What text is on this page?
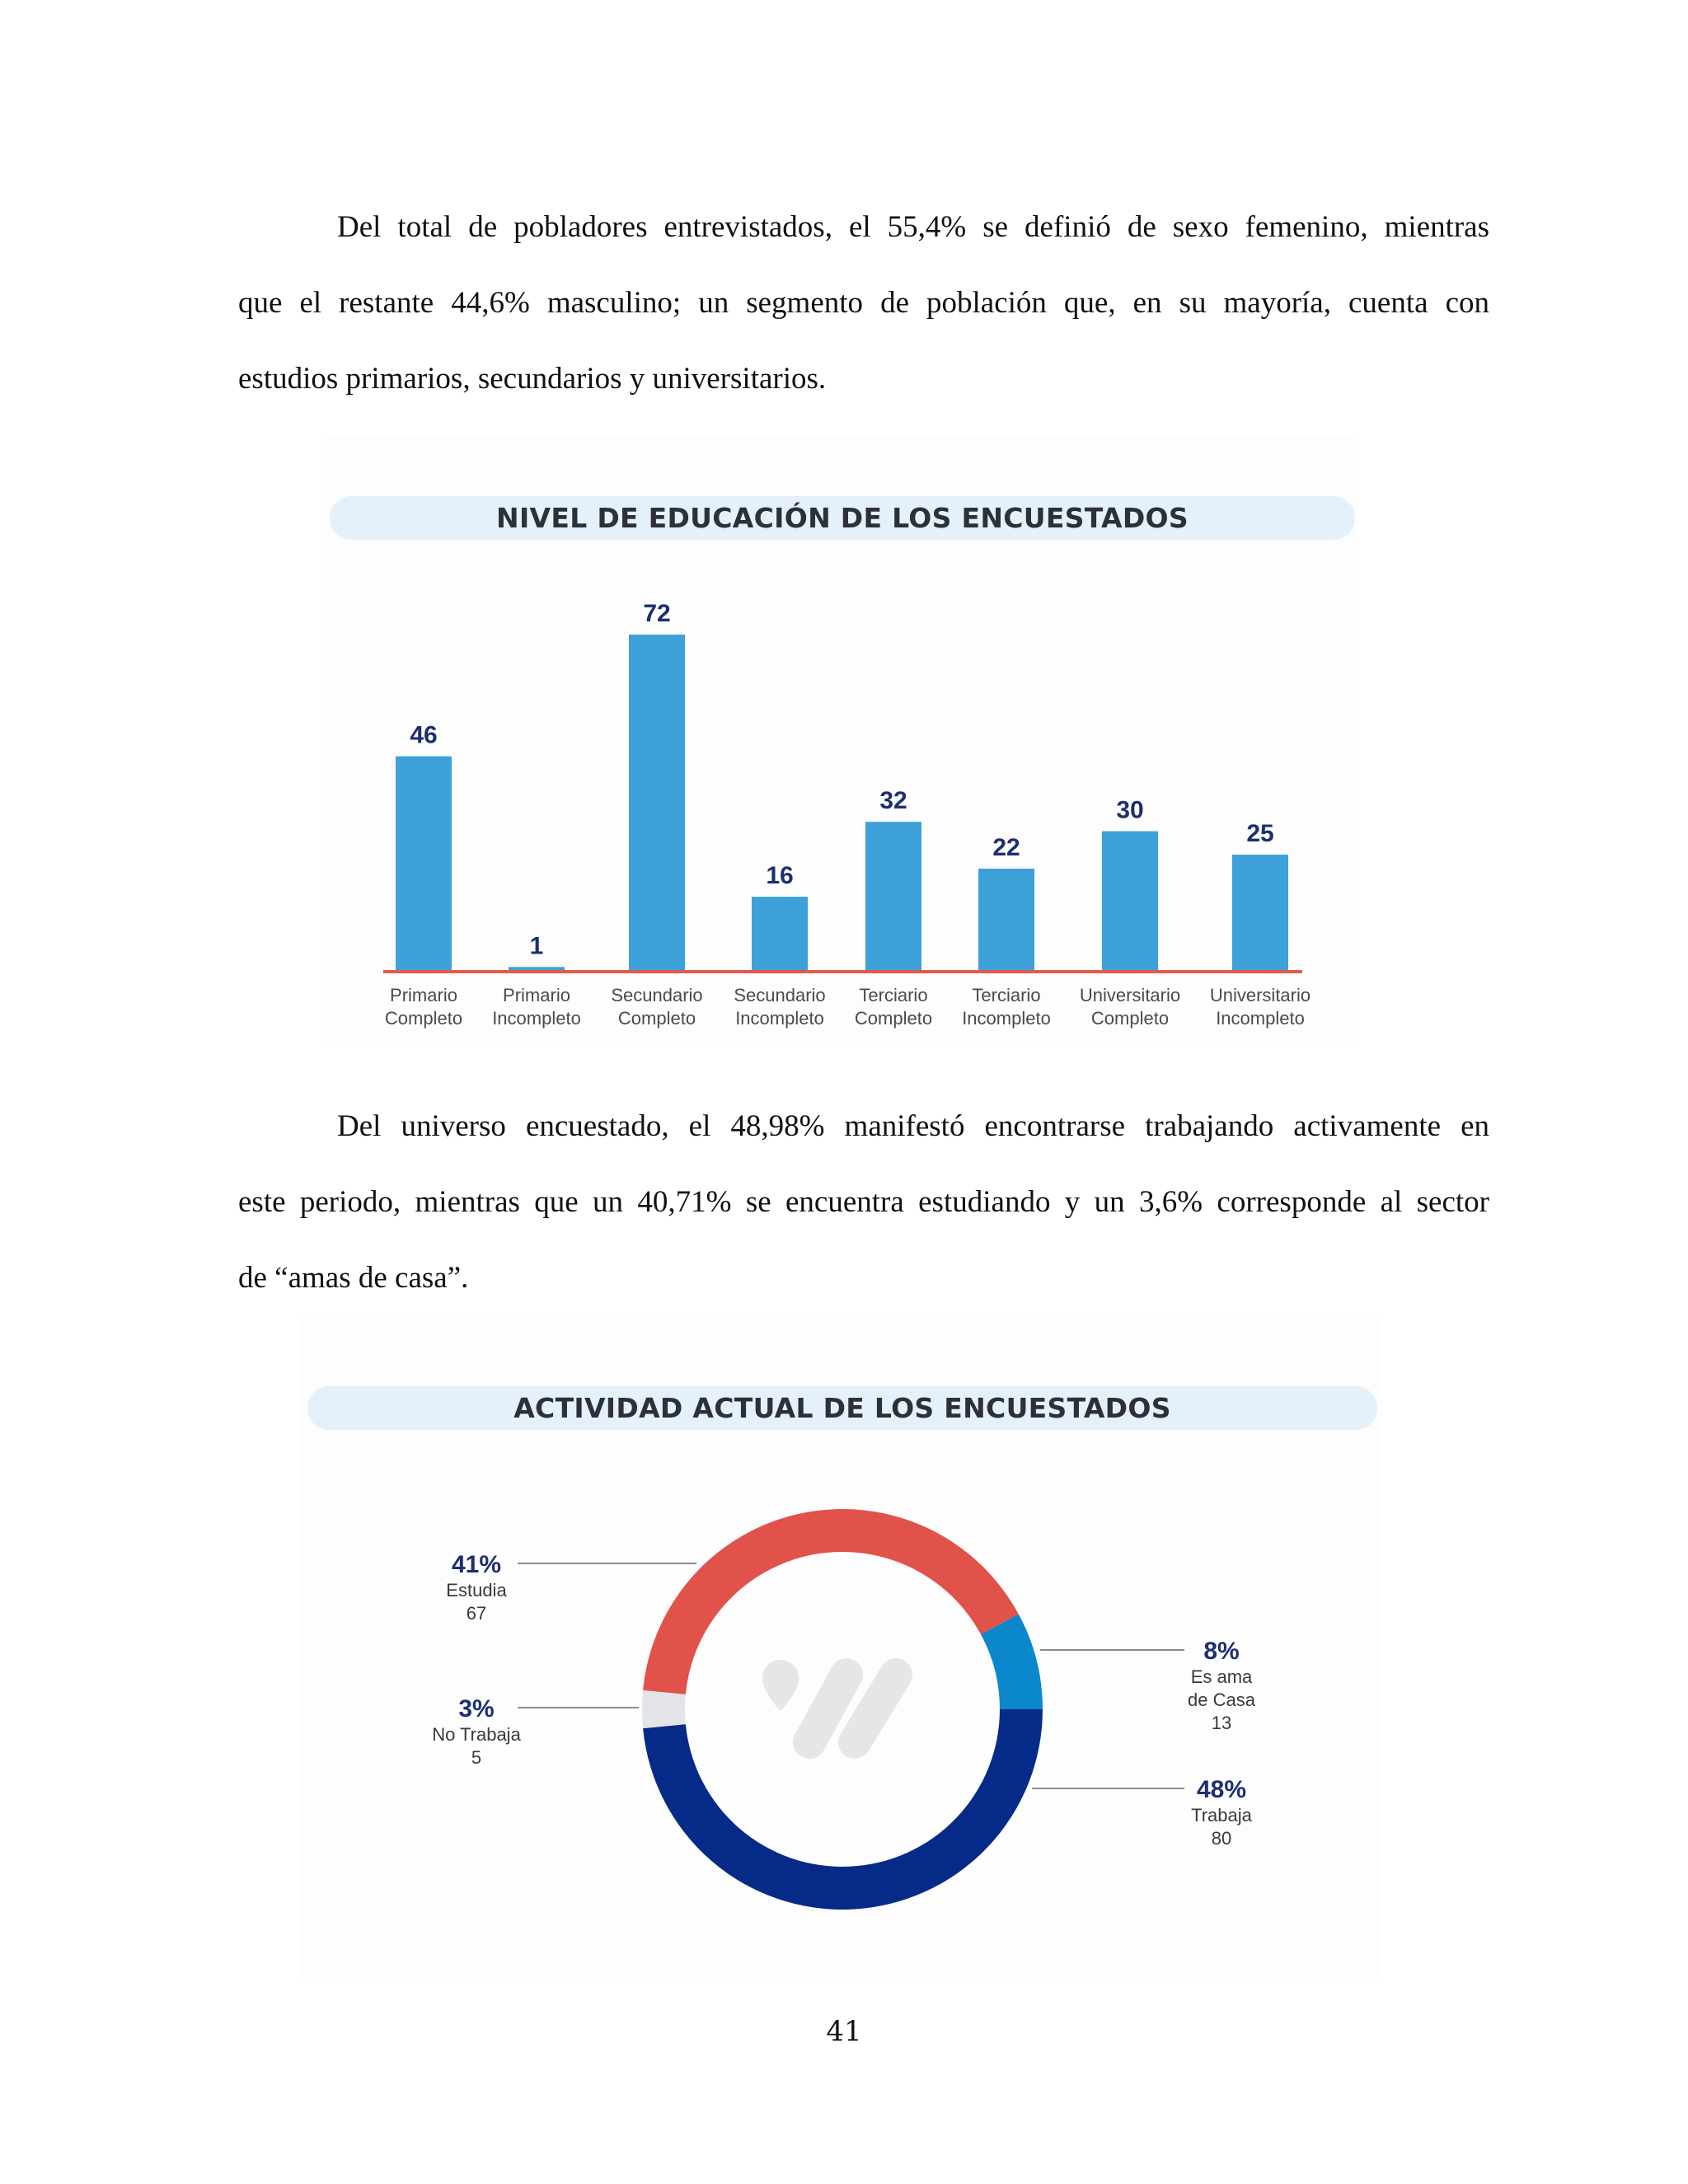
Del total de pobladores entrevistados, el 55,4% se definió de sexo femenino, mientras
que el restante 44,6% masculino; un segmento de población que, en su mayoría, cuenta con
estudios primarios, secundarios y universitarios.
NIVEL DE EDUCACIÓN DE LOS ENCUESTADOS
46
Primario
Completo
1
Primario
Incompleto
72
Secundario
Completo
16
Secundario
Incompleto
32
Terciario
Completo
22
Terciario
Incompleto
30
Universitario
Completo
25
Universitario
Incompleto
Del universo encuestado, el 48,98% manifestó encontrarse trabajando activamente en
este periodo, mientras que un 40,71% se encuentra estudiando y un 3,6% corresponde al sector
de “amas de casa”.
ACTIVIDAD ACTUAL DE LOS ENCUESTADOS
41%
Estudia
67
3%
No Trabaja
5
8%
Es ama
de Casa
13
48%
Trabaja
80
41
